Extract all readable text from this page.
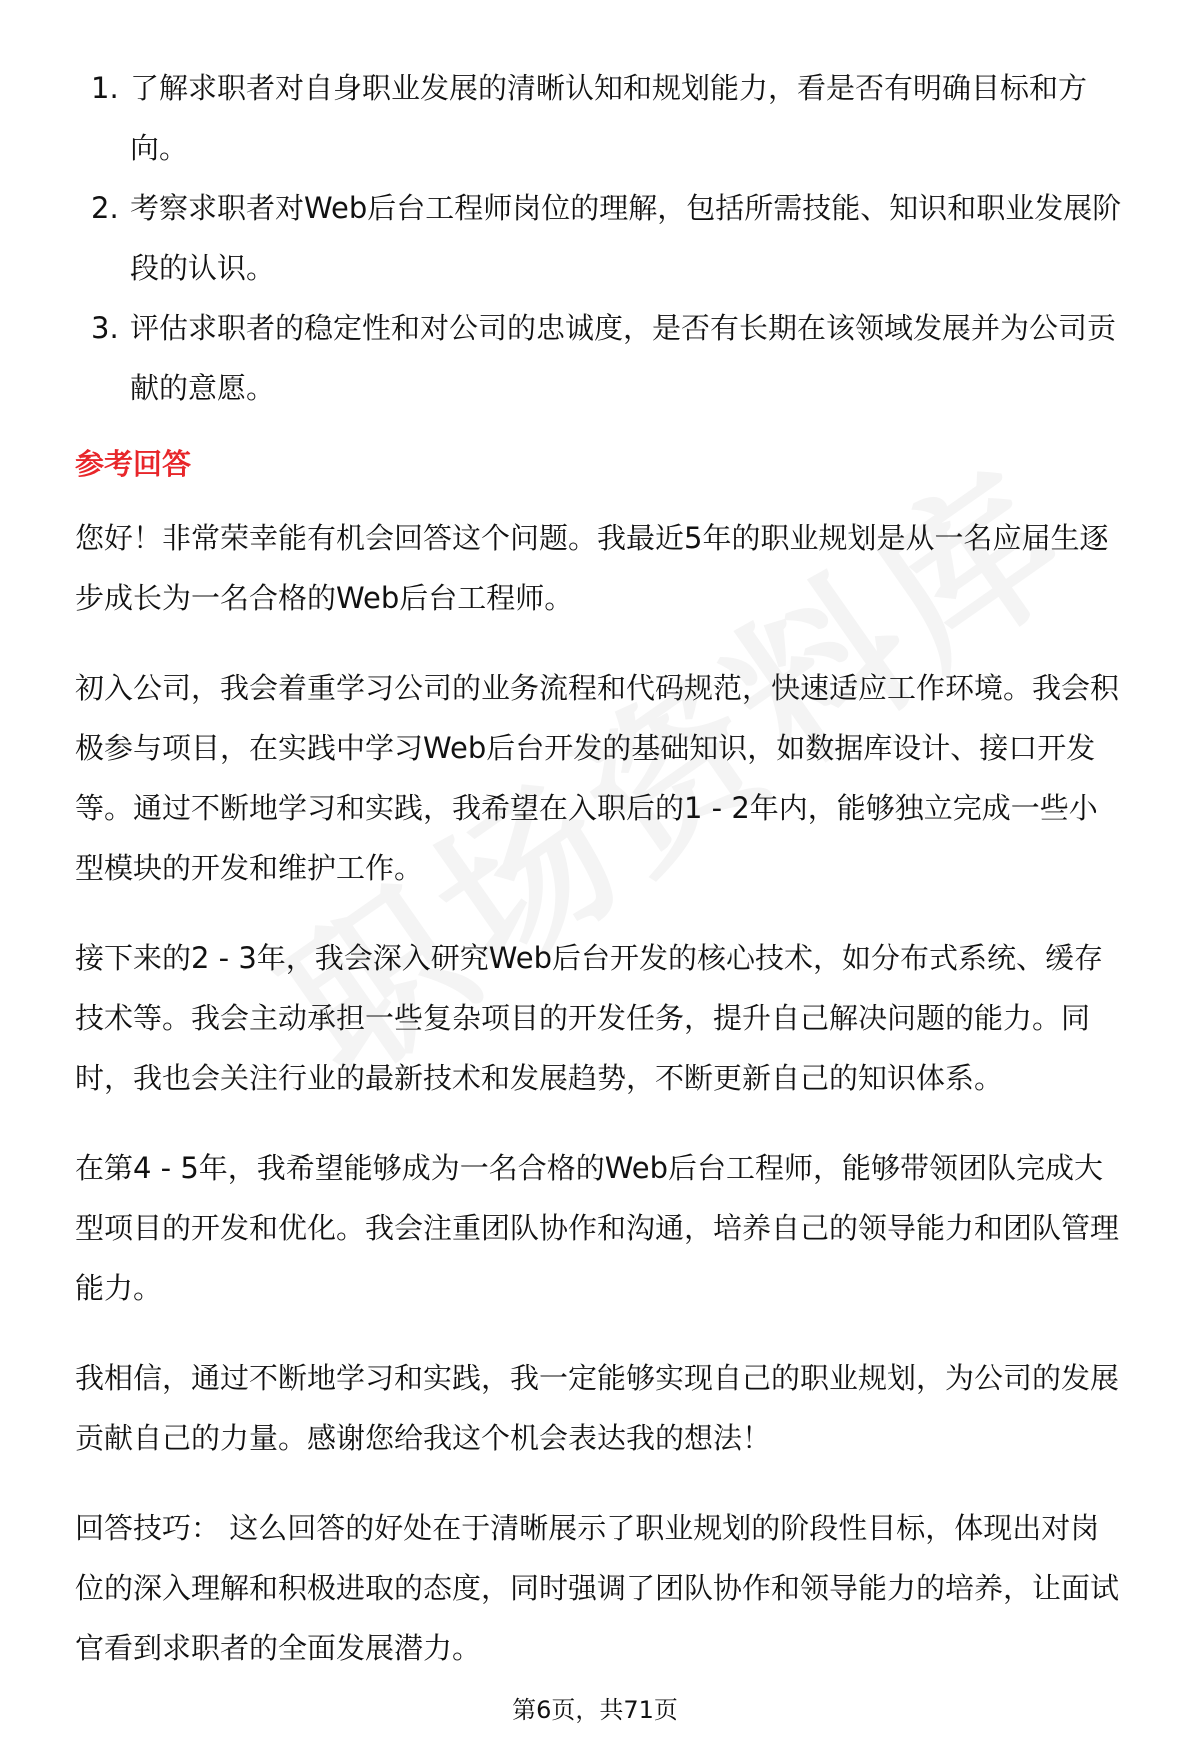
1. 了解求职者对自身职业发展的清晰认知和规划能力，看是否有明确目标和方向。
2. 考察求职者对Web后台工程师岗位的理解，包括所需技能、知识和职业发展阶段的认识。
3. 评估求职者的稳定性和对公司的忠诚度，是否有长期在该领域发展并为公司贡献的意愿。
参考回答

您好！非常荣幸能有机会回答这个问题。我最近5年的职业规划是从一名应届生逐步成长为一名合格的Web后台工程师。

初入公司，我会着重学习公司的业务流程和代码规范，快速适应工作环境。我会积极参与项目，在实践中学习Web后台开发的基础知识，如数据库设计、接口开发等。通过不断地学习和实践，我希望在入职后的1 - 2年内，能够独立完成一些小型模块的开发和维护工作。

接下来的2 - 3年，我会深入研究Web后台开发的核心技术，如分布式系统、缓存技术等。我会主动承担一些复杂项目的开发任务，提升自己解决问题的能力。同时，我也会关注行业的最新技术和发展趋势，不断更新自己的知识体系。

在第4 - 5年，我希望能够成为一名合格的Web后台工程师，能够带领团队完成大型项目的开发和优化。我会注重团队协作和沟通，培养自己的领导能力和团队管理能力。

我相信，通过不断地学习和实践，我一定能够实现自己的职业规划，为公司的发展贡献自己的力量。感谢您给我这个机会表达我的想法！

回答技巧： 这么回答的好处在于清晰展示了职业规划的阶段性目标，体现出对岗位的深入理解和积极进取的态度，同时强调了团队协作和领导能力的培养，让面试官看到求职者的全面发展潜力。

第6页，共71页
